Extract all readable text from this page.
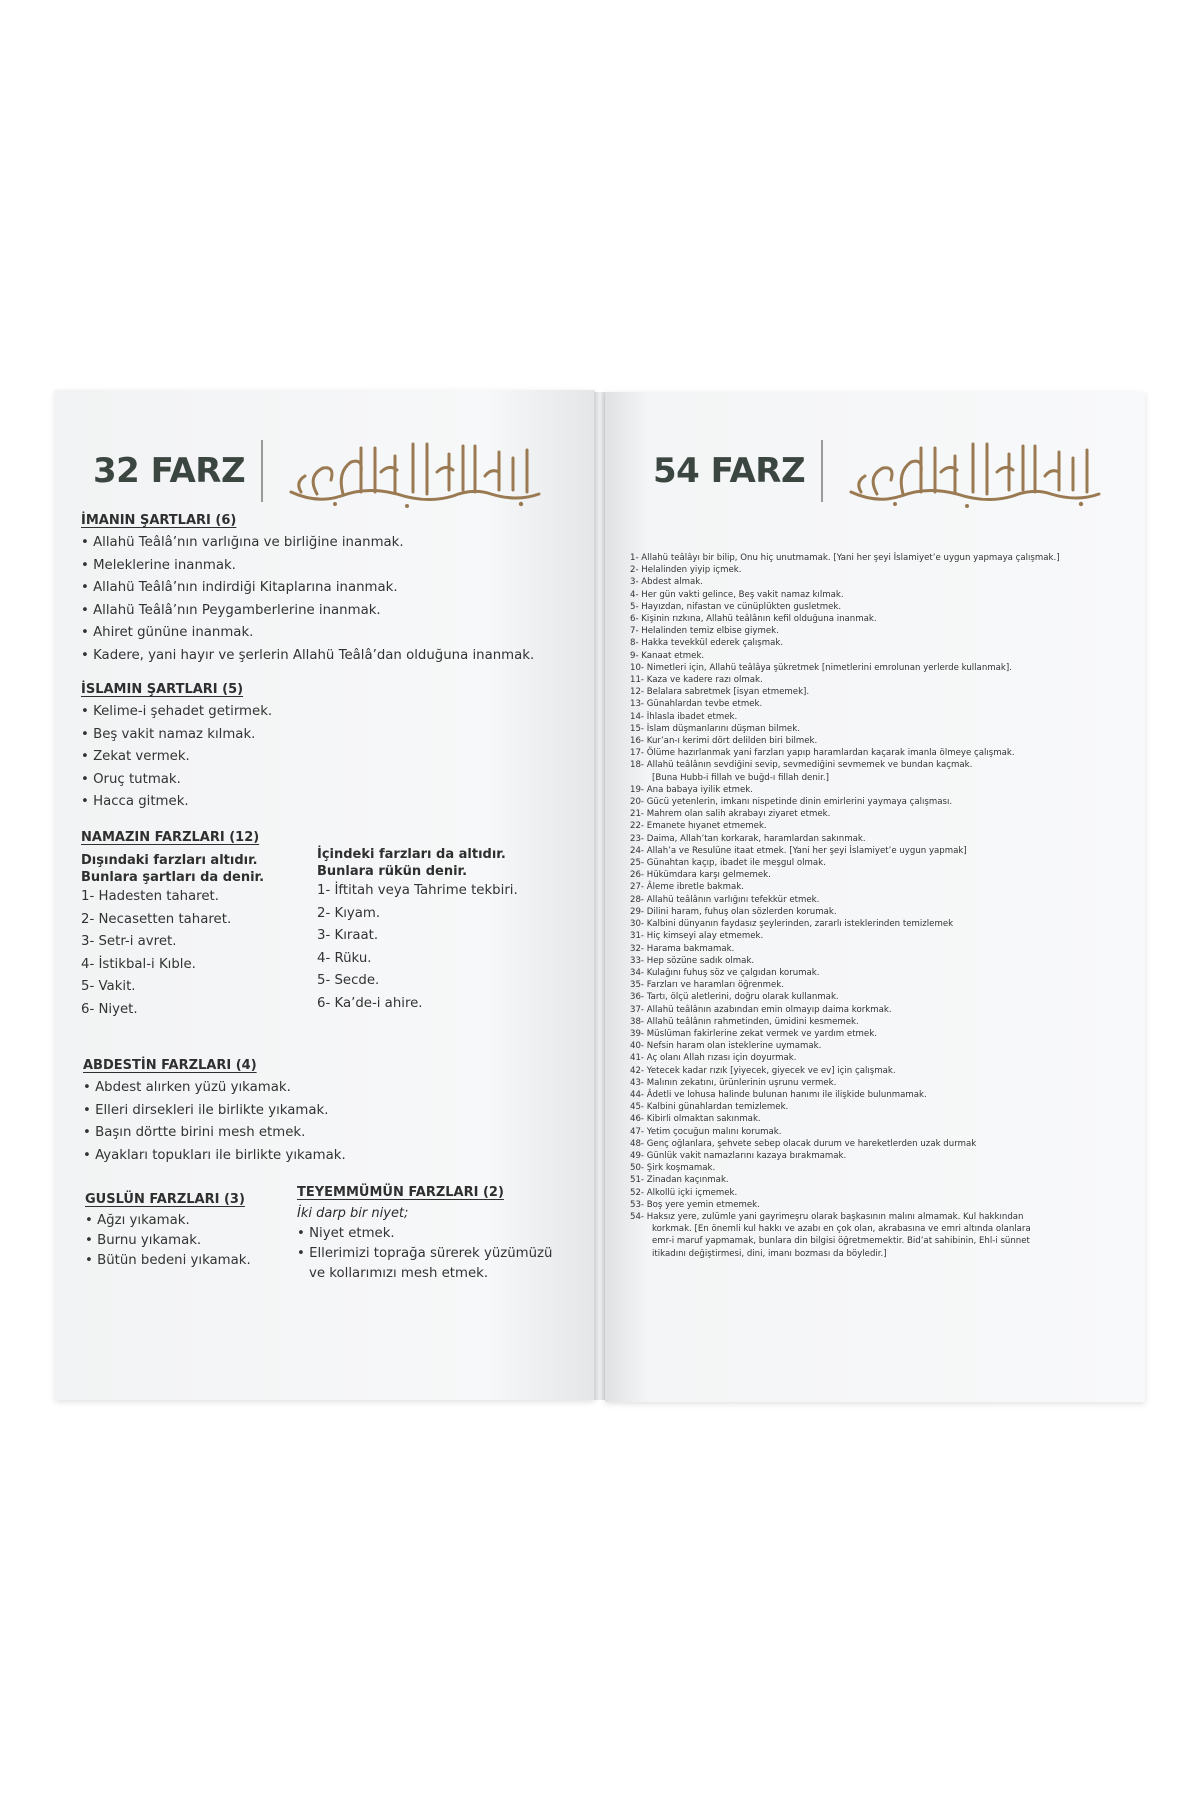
32 FARZ
İMANIN ŞARTLARI (6)
• Allahü Teâlâ’nın varlığına ve birliğine inanmak.
• Meleklerine inanmak.
• Allahü Teâlâ’nın indirdiği Kitaplarına inanmak.
• Allahü Teâlâ’nın Peygamberlerine inanmak.
• Ahiret gününe inanmak.
• Kadere, yani hayır ve şerlerin Allahü Teâlâ’dan olduğuna inanmak.
İSLAMIN ŞARTLARI (5)
• Kelime-i şehadet getirmek.
• Beş vakit namaz kılmak.
• Zekat vermek.
• Oruç tutmak.
• Hacca gitmek.
NAMAZIN FARZLARI (12)
Dışındaki farzları altıdır.
Bunlara şartları da denir.
1- Hadesten taharet.
2- Necasetten taharet.
3- Setr-i avret.
4- İstikbal-i Kıble.
5- Vakit.
6- Niyet.
İçindeki farzları da altıdır.
Bunlara rükün denir.
1- İftitah veya Tahrime tekbiri.
2- Kıyam.
3- Kıraat.
4- Rüku.
5- Secde.
6- Ka’de-i ahire.
ABDESTİN FARZLARI (4)
• Abdest alırken yüzü yıkamak.
• Elleri dirsekleri ile birlikte yıkamak.
• Başın dörtte birini mesh etmek.
• Ayakları topukları ile birlikte yıkamak.
GUSLÜN FARZLARI (3)
• Ağzı yıkamak.
• Burnu yıkamak.
• Bütün bedeni yıkamak.
TEYEMMÜMÜN FARZLARI (2)
İki darp bir niyet;
• Niyet etmek.
• Ellerimizi toprağa sürerek yüzümüzü
ve kollarımızı mesh etmek.
54 FARZ
1- Allahü teâlâyı bir bilip, Onu hiç unutmamak. [Yani her şeyi İslamiyet’e uygun yapmaya çalışmak.]
2- Helalinden yiyip içmek.
3- Abdest almak.
4- Her gün vakti gelince, Beş vakit namaz kılmak.
5- Hayızdan, nifastan ve cünüplükten gusletmek.
6- Kişinin rızkına, Allahü teâlânın kefil olduğuna inanmak.
7- Helalinden temiz elbise giymek.
8- Hakka tevekkül ederek çalışmak.
9- Kanaat etmek.
10- Nimetleri için, Allahü teâlâya şükretmek [nimetlerini emrolunan yerlerde kullanmak].
11- Kaza ve kadere razı olmak.
12- Belalara sabretmek [isyan etmemek].
13- Günahlardan tevbe etmek.
14- İhlasla ibadet etmek.
15- İslam düşmanlarını düşman bilmek.
16- Kur’an-ı kerimi dört delilden biri bilmek.
17- Ölüme hazırlanmak yani farzları yapıp haramlardan kaçarak imanla ölmeye çalışmak.
18- Allahü teâlânın sevdiğini sevip, sevmediğini sevmemek ve bundan kaçmak.
[Buna Hubb-i fillah ve buğd-ı fillah denir.]
19- Ana babaya iyilik etmek.
20- Gücü yetenlerin, imkanı nispetinde dinin emirlerini yaymaya çalışması.
21- Mahrem olan salih akrabayı ziyaret etmek.
22- Emanete hıyanet etmemek.
23- Daima, Allah’tan korkarak, haramlardan sakınmak.
24- Allah’a ve Resulüne itaat etmek. [Yani her şeyi İslamiyet’e uygun yapmak]
25- Günahtan kaçıp, ibadet ile meşgul olmak.
26- Hükümdara karşı gelmemek.
27- Âleme ibretle bakmak.
28- Allahü teâlânın varlığını tefekkür etmek.
29- Dilini haram, fuhuş olan sözlerden korumak.
30- Kalbini dünyanın faydasız şeylerinden, zararlı isteklerinden temizlemek
31- Hiç kimseyi alay etmemek.
32- Harama bakmamak.
33- Hep sözüne sadık olmak.
34- Kulağını fuhuş söz ve çalgıdan korumak.
35- Farzları ve haramları öğrenmek.
36- Tartı, ölçü aletlerini, doğru olarak kullanmak.
37- Allahü teâlânın azabından emin olmayıp daima korkmak.
38- Allahü teâlânın rahmetinden, ümidini kesmemek.
39- Müslüman fakirlerine zekat vermek ve yardım etmek.
40- Nefsin haram olan isteklerine uymamak.
41- Aç olanı Allah rızası için doyurmak.
42- Yetecek kadar rızık [yiyecek, giyecek ve ev] için çalışmak.
43- Malının zekatını, ürünlerinin uşrunu vermek.
44- Âdetli ve lohusa halinde bulunan hanımı ile ilişkide bulunmamak.
45- Kalbini günahlardan temizlemek.
46- Kibirli olmaktan sakınmak.
47- Yetim çocuğun malını korumak.
48- Genç oğlanlara, şehvete sebep olacak durum ve hareketlerden uzak durmak
49- Günlük vakit namazlarını kazaya bırakmamak.
50- Şirk koşmamak.
51- Zinadan kaçınmak.
52- Alkollü içki içmemek.
53- Boş yere yemin etmemek.
54- Haksız yere, zulümle yani gayrimeşru olarak başkasının malını almamak. Kul hakkından
korkmak. [En önemli kul hakkı ve azabı en çok olan, akrabasına ve emri altında olanlara
emr-i maruf yapmamak, bunlara din bilgisi öğretmemektir. Bid’at sahibinin, Ehl-i sünnet
itikadını değiştirmesi, dini, imanı bozması da böyledir.]
